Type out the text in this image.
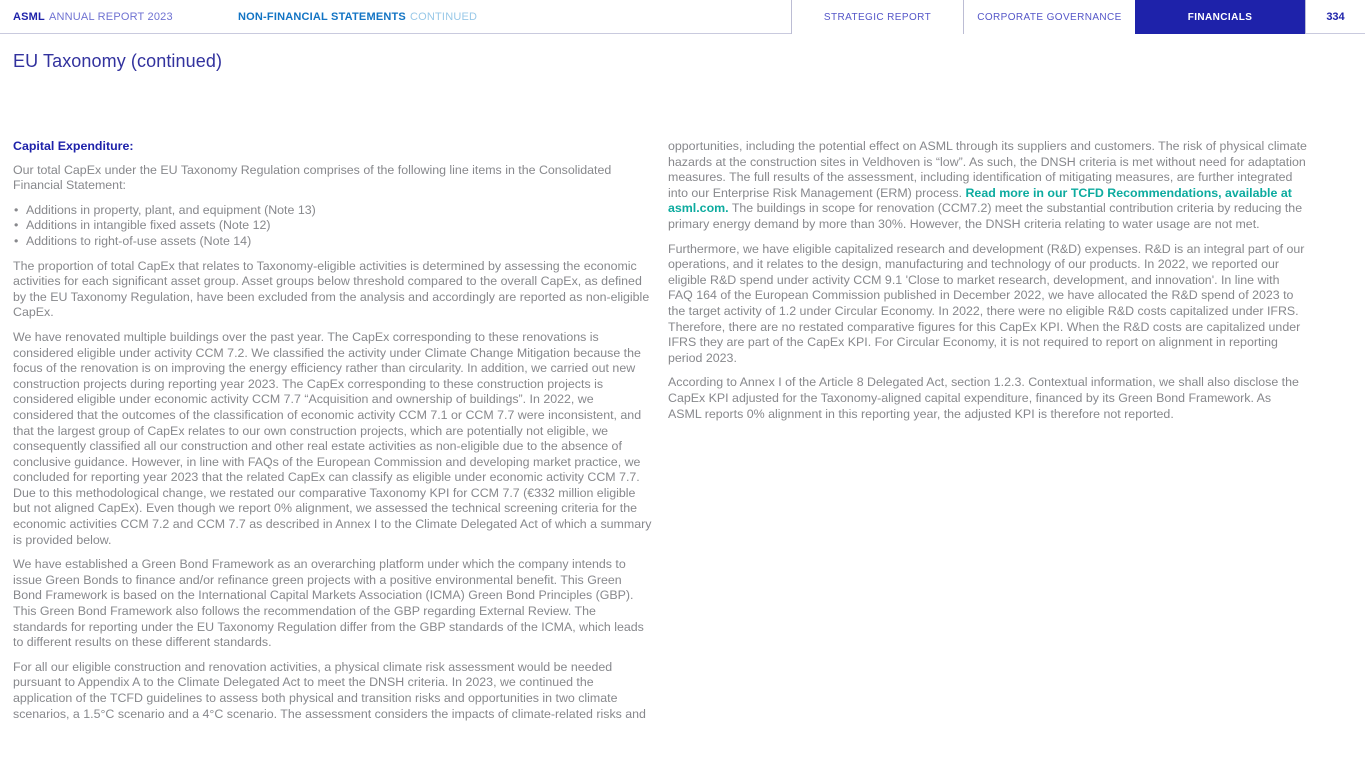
ASML ANNUAL REPORT 2023	NON-FINANCIAL STATEMENTS CONTINUED	STRATEGIC REPORT	CORPORATE GOVERNANCE	FINANCIALS	334
EU Taxonomy (continued)
Capital Expenditure:

Our total CapEx under the EU Taxonomy Regulation comprises of the following line items in the Consolidated Financial Statement:

• Additions in property, plant, and equipment (Note 13)
• Additions in intangible fixed assets (Note 12)
• Additions to right-of-use assets (Note 14)

The proportion of total CapEx that relates to Taxonomy-eligible activities is determined by assessing the economic activities for each significant asset group. Asset groups below threshold compared to the overall CapEx, as defined by the EU Taxonomy Regulation, have been excluded from the analysis and accordingly are reported as non-eligible CapEx.

We have renovated multiple buildings over the past year. The CapEx corresponding to these renovations is considered eligible under activity CCM 7.2. We classified the activity under Climate Change Mitigation because the focus of the renovation is on improving the energy efficiency rather than circularity. In addition, we carried out new construction projects during reporting year 2023. The CapEx corresponding to these construction projects is considered eligible under economic activity CCM 7.7 “Acquisition and ownership of buildings”. In 2022, we considered that the outcomes of the classification of economic activity CCM 7.1 or CCM 7.7 were inconsistent, and that the largest group of CapEx relates to our own construction projects, which are potentially not eligible, we consequently classified all our construction and other real estate activities as non-eligible due to the absence of conclusive guidance. However, in line with FAQs of the European Commission and developing market practice, we concluded for reporting year 2023 that the related CapEx can classify as eligible under economic activity CCM 7.7. Due to this methodological change, we restated our comparative Taxonomy KPI for CCM 7.7 (€332 million eligible but not aligned CapEx). Even though we report 0% alignment, we assessed the technical screening criteria for the economic activities CCM 7.2 and CCM 7.7 as described in Annex I to the Climate Delegated Act of which a summary is provided below.

We have established a Green Bond Framework as an overarching platform under which the company intends to issue Green Bonds to finance and/or refinance green projects with a positive environmental benefit. This Green Bond Framework is based on the International Capital Markets Association (ICMA) Green Bond Principles (GBP). This Green Bond Framework also follows the recommendation of the GBP regarding External Review. The standards for reporting under the EU Taxonomy Regulation differ from the GBP standards of the ICMA, which leads to different results on these different standards.

For all our eligible construction and renovation activities, a physical climate risk assessment would be needed pursuant to Appendix A to the Climate Delegated Act to meet the DNSH criteria. In 2023, we continued the application of the TCFD guidelines to assess both physical and transition risks and opportunities in two climate scenarios, a 1.5°C scenario and a 4°C scenario. The assessment considers the impacts of climate-related risks and

opportunities, including the potential effect on ASML through its suppliers and customers. The risk of physical climate hazards at the construction sites in Veldhoven is “low”. As such, the DNSH criteria is met without need for adaptation measures. The full results of the assessment, including identification of mitigating measures, are further integrated into our Enterprise Risk Management (ERM) process. Read more in our TCFD Recommendations, available at asml.com. The buildings in scope for renovation (CCM7.2) meet the substantial contribution criteria by reducing the primary energy demand by more than 30%. However, the DNSH criteria relating to water usage are not met.

Furthermore, we have eligible capitalized research and development (R&D) expenses. R&D is an integral part of our operations, and it relates to the design, manufacturing and technology of our products. In 2022, we reported our eligible R&D spend under activity CCM 9.1 'Close to market research, development, and innovation'. In line with FAQ 164 of the European Commission published in December 2022, we have allocated the R&D spend of 2023 to the target activity of 1.2 under Circular Economy. In 2022, there were no eligible R&D costs capitalized under IFRS. Therefore, there are no restated comparative figures for this CapEx KPI. When the R&D costs are capitalized under IFRS they are part of the CapEx KPI. For Circular Economy, it is not required to report on alignment in reporting period 2023.

According to Annex I of the Article 8 Delegated Act, section 1.2.3. Contextual information, we shall also disclose the CapEx KPI adjusted for the Taxonomy-aligned capital expenditure, financed by its Green Bond Framework. As ASML reports 0% alignment in this reporting year, the adjusted KPI is therefore not reported.
